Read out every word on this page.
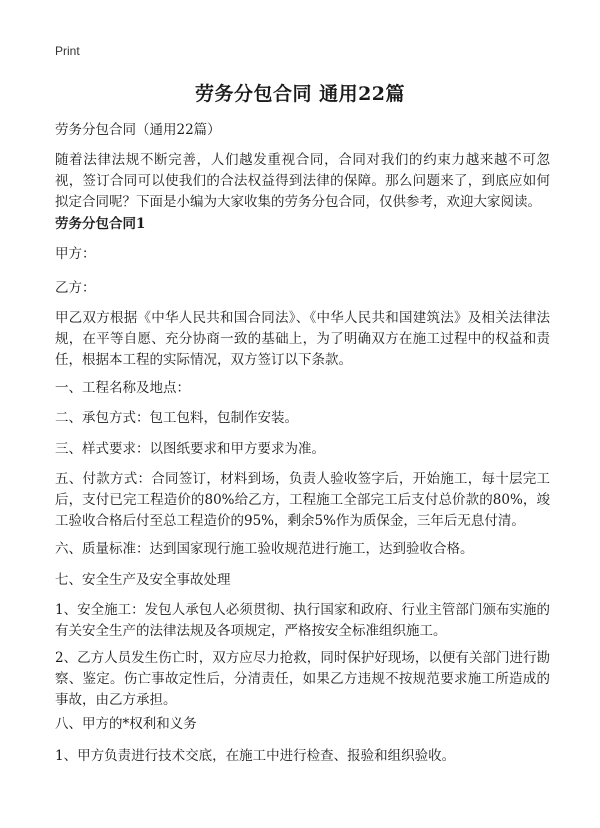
Print
劳务分包合同 通用22篇
劳务分包合同（通用22篇）
随着法律法规不断完善，人们越发重视合同，合同对我们的约束力越来越不可忽视，签订合同可以使我们的合法权益得到法律的保障。那么问题来了，到底应如何拟定合同呢？下面是小编为大家收集的劳务分包合同，仅供参考，欢迎大家阅读。
劳务分包合同1
甲方：
乙方：
甲乙双方根据《中华人民共和国合同法》、《中华人民共和国建筑法》及相关法律法规，在平等自愿、充分协商一致的基础上，为了明确双方在施工过程中的权益和责任，根据本工程的实际情况，双方签订以下条款。
一、工程名称及地点：
二、承包方式：包工包料，包制作安装。
三、样式要求：以图纸要求和甲方要求为准。
五、付款方式：合同签订，材料到场，负责人验收签字后，开始施工，每十层完工后，支付已完工程造价的80%给乙方，工程施工全部完工后支付总价款的80%，竣工验收合格后付至总工程造价的95%，剩余5%作为质保金，三年后无息付清。
六、质量标准：达到国家现行施工验收规范进行施工，达到验收合格。
七、安全生产及安全事故处理
1、安全施工：发包人承包人必须贯彻、执行国家和政府、行业主管部门颁布实施的有关安全生产的法律法规及各项规定，严格按安全标准组织施工。
2、乙方人员发生伤亡时，双方应尽力抢救，同时保护好现场，以便有关部门进行勘察、鉴定。伤亡事故定性后，分清责任，如果乙方违规不按规范要求施工所造成的事故，由乙方承担。
八、甲方的*权利和义务
1、甲方负责进行技术交底，在施工中进行检查、报验和组织验收。
